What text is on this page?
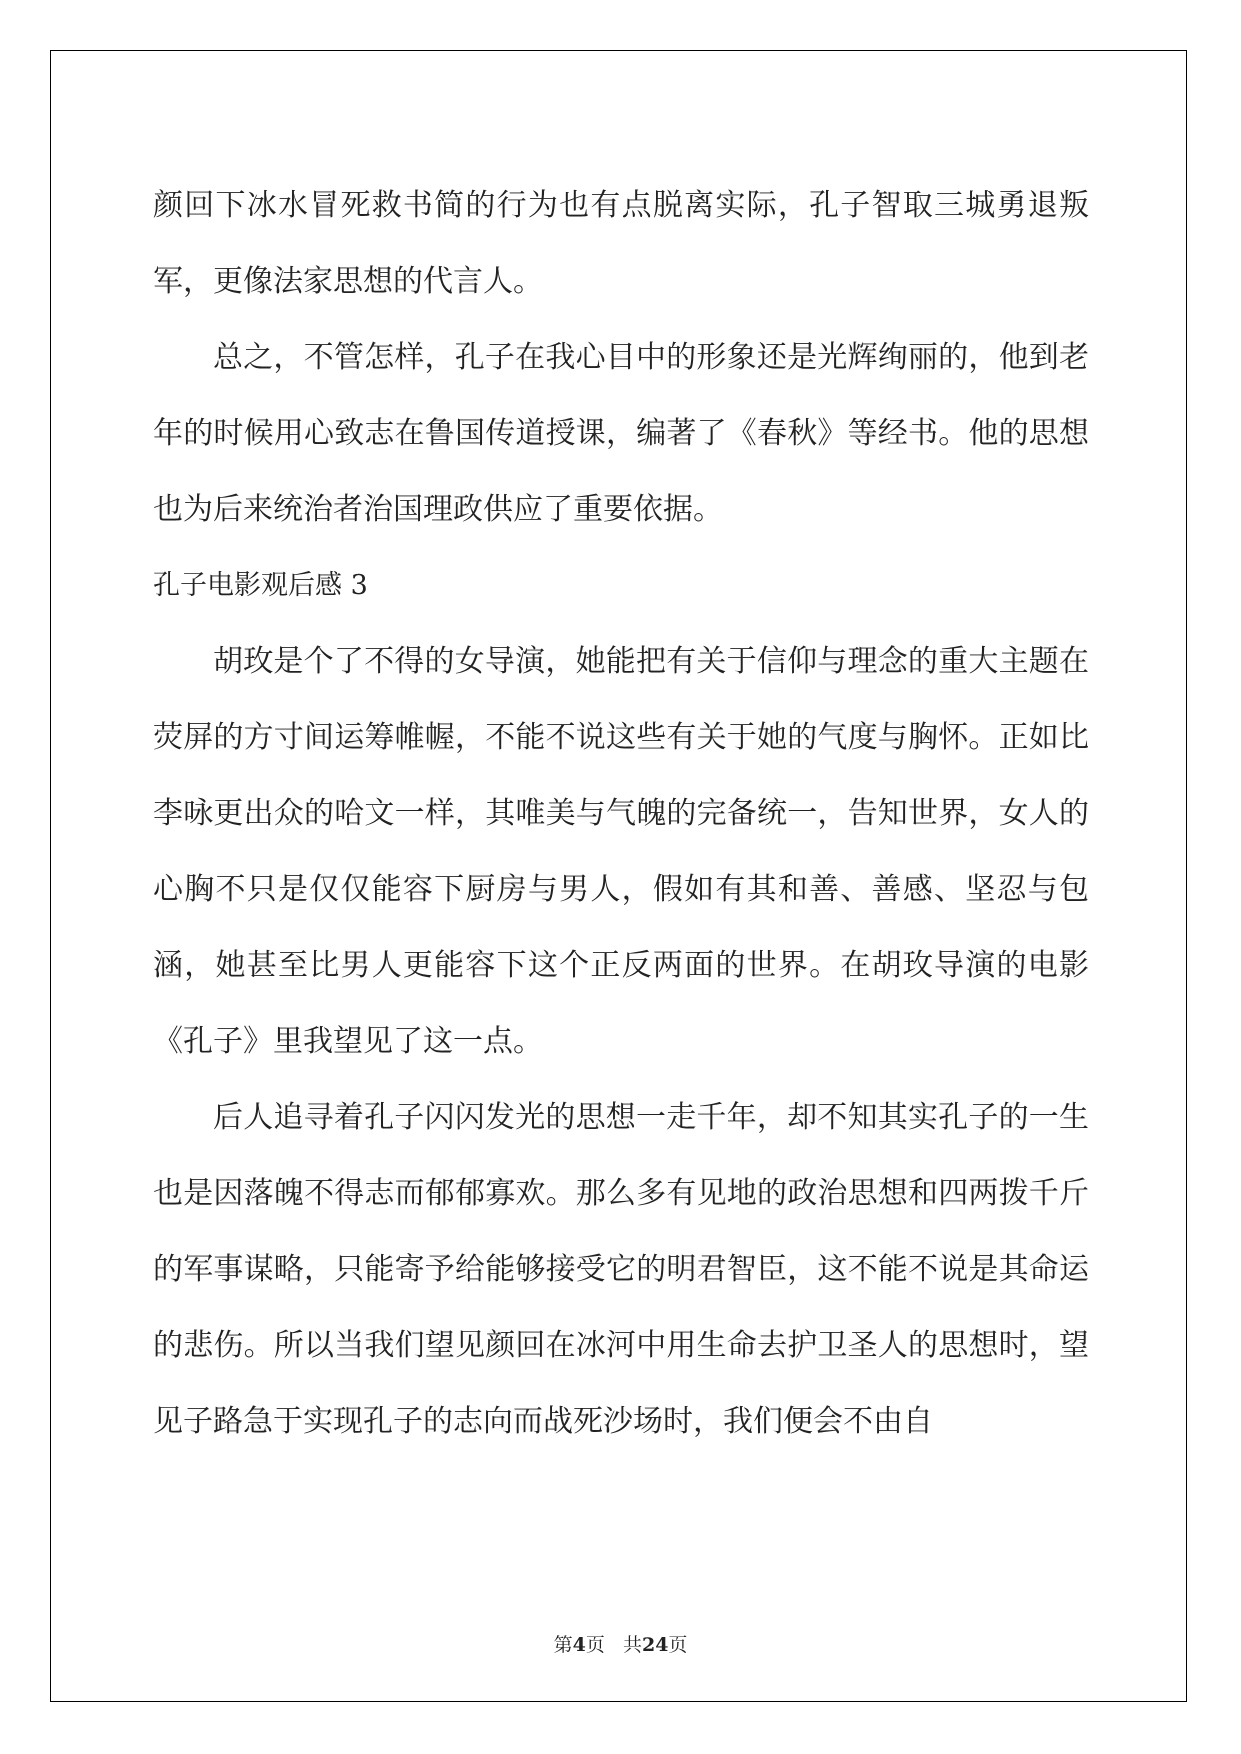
颜回下冰水冒死救书简的行为也有点脱离实际，孔子智取三城勇退叛军，更像法家思想的代言人。

总之，不管怎样，孔子在我心目中的形象还是光辉绚丽的，他到老年的时候用心致志在鲁国传道授课，编著了《春秋》等经书。他的思想也为后来统治者治国理政供应了重要依据。

孔子电影观后感 3

胡玫是个了不得的女导演，她能把有关于信仰与理念的重大主题在荧屏的方寸间运筹帷幄，不能不说这些有关于她的气度与胸怀。正如比李咏更出众的哈文一样，其唯美与气魄的完备统一，告知世界，女人的心胸不只是仅仅能容下厨房与男人，假如有其和善、善感、坚忍与包涵，她甚至比男人更能容下这个正反两面的世界。在胡玫导演的电影《孔子》里我望见了这一点。

后人追寻着孔子闪闪发光的思想一走千年，却不知其实孔子的一生也是因落魄不得志而郁郁寡欢。那么多有见地的政治思想和四两拨千斤的军事谋略，只能寄予给能够接受它的明君智臣，这不能不说是其命运的悲伤。所以当我们望见颜回在冰河中用生命去护卫圣人的思想时，望见子路急于实现孔子的志向而战死沙场时，我们便会不由自

第4页 共24页
